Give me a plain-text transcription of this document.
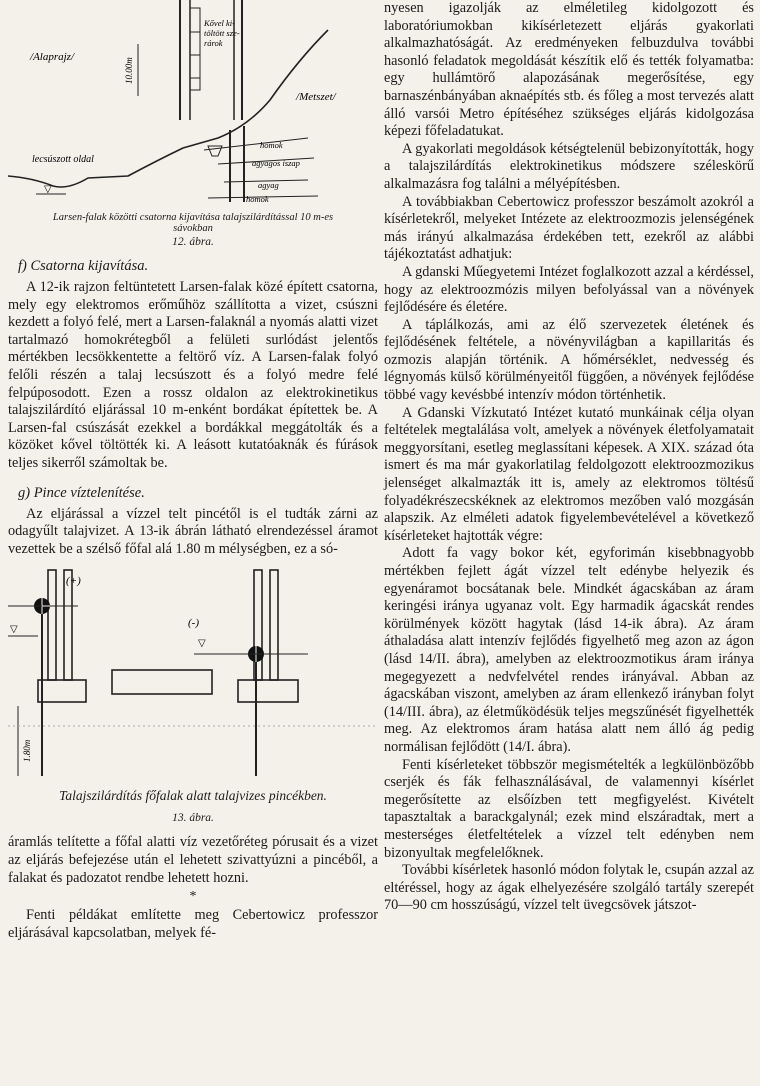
10.00m
/Alaprajz/
/Metszet/
Kővel ki-töltött sze-rárok
▽
lecsúszott oldal
homok
agyagos iszap
agyag
homok

Larsen-falak közötti csatorna kijavítása talajszilárdítással 10 m-es sávokban

12. ábra.

f) Csatorna kijavítása.

A 12-ik rajzon feltüntetett Larsen-falak közé épített csatorna, mely egy elektromos erőműhöz szállította a vizet, csúszni kezdett a folyó felé, mert a Larsen-falaknál a nyomás alatti vizet tartalmazó homokrétegből a felületi surlódást jelentős mértékben lecsökkentette a feltörő víz. A Larsen-falak folyó felőli részén a talaj lecsúszott és a folyó medre felé felpúposodott. Ezen a rossz oldalon az elektrokinetikus talajszilárdító eljárással 10 m-enként bordákat építettek be. A Larsen-fal csúszását ezekkel a bordákkal meggátolták és a közöket kővel töltötték ki. A leásott kutatóaknák és fúrások teljes sikerről számoltak be.

g) Pince víztelenítése.

Az eljárással a vízzel telt pincétől is el tudták zárni az odagyűlt talajvizet. A 13-ik ábrán látható elrendezéssel áramot vezettek be a szélső főfal alá 1.80 m mélységben, ez a só-

▽
▽
(+)
(-)
1.80m

Talajszilárdítás főfalak alatt talajvizes pincékben.

13. ábra.

áramlás telítette a főfal alatti víz vezetőréteg pórusait és a vizet az eljárás befejezése után el lehetett szivattyúzni a pincéből, a falakat és padozatot rendbe lehetett hozni.

*

Fenti példákat említette meg Cebertowicz professzor eljárásával kapcsolatban, melyek fé-

nyesen igazolják az elméletileg kidolgozott és laboratóriumokban kikísérletezett eljárás gyakorlati alkalmazhatóságát. Az eredményeken felbuzdulva további hasonló feladatok megoldását készítik elő és tették folyamatba: egy hullámtörő alapozásának megerősítése, egy barnaszénbányában aknaépítés stb. és főleg a most tervezés alatt álló varsói Metro építéséhez szükséges eljárás kidolgozása képezi főfeladatukat.

A gyakorlati megoldások kétségtelenül bebizonyították, hogy a talajszilárdítás elektrokinetikus módszere széleskörű alkalmazásra fog találni a mélyépítésben.

A továbbiakban Cebertowicz professzor beszámolt azokról a kísérletekről, melyeket Intézete az elektroozmozis jelenségének más irányú alkalmazása érdekében tett, ezekről az alábbi tájékoztatást adhatjuk:

A gdanski Műegyetemi Intézet foglalkozott azzal a kérdéssel, hogy az elektroozmózis milyen befolyással van a növények fejlődésére és életére.

A táplálkozás, ami az élő szervezetek életének és fejlődésének feltétele, a növényvilágban a kapillaritás és ozmozis alapján történik. A hőmérséklet, nedvesség és légnyomás külső körülményeitől függően, a növények fejlődése többé vagy kevésbbé intenzív módon történhetik.

A Gdanski Vízkutató Intézet kutató munkáinak célja olyan feltételek megtalálása volt, amelyek a növények életfolyamatait meggyorsítani, esetleg meglassítani képesek. A XIX. század óta ismert és ma már gyakorlatilag feldolgozott elektroozmozikus jelenséget alkalmazták itt is, amely az elektromos töltésű folyadékrészecskéknek az elektromos mezőben való mozgásán alapszik. Az elméleti adatok figyelembevételével a következő kísérleteket hajtották végre:

Adott fa vagy bokor két, egyforimán kisebbnagyobb mértékben fejlett ágát vízzel telt edénybe helyezik és egyenáramot bocsátanak bele. Mindkét ágacskában az áram keringési iránya ugyanaz volt. Egy harmadik ágacskát rendes körülmények között hagytak (lásd 14-ik ábra). Az áram áthaladása alatt intenzív fejlődés figyelhető meg azon az ágon (lásd 14/II. ábra), amelyben az elektroozmotikus áram iránya megegyezett a nedvfelvétel rendes irányával. Abban az ágacskában viszont, amelyben az áram ellenkező irányban folyt (14/III. ábra), az életműködésük teljes megszűnését figyelhették meg. Az elektromos áram hatása alatt nem álló ág pedig normálisan fejlődött (14/I. ábra).

Fenti kísérleteket többször megismételték a legkülönbözőbb cserjék és fák felhasználásával, de valamennyi kísérlet megerősítette az elsőízben tett megfigyelést. Kivételt tapasztaltak a barackgalynál; ezek mind elszáradtak, mert a mesterséges életfeltételek a vízzel telt edényben nem bizonyultak megfelelőknek.

További kísérletek hasonló módon folytak le, csupán azzal az eltéréssel, hogy az ágak elhelyezésére szolgáló tartály szerepét 70—90 cm hosszúságú, vízzel telt üvegcsövek játszot-
